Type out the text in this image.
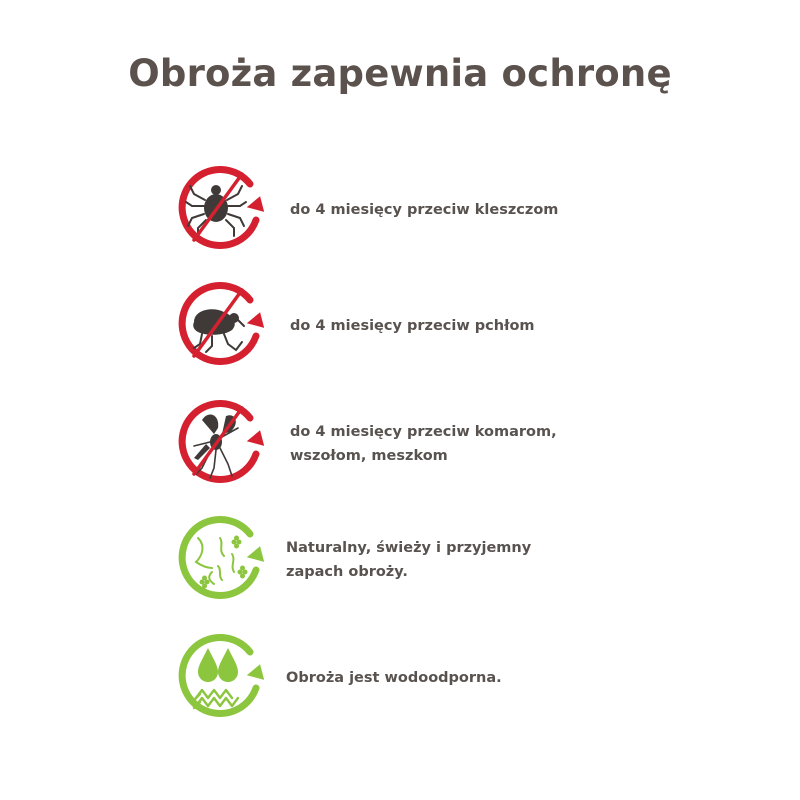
Obroża zapewnia ochronę
do 4 miesięcy przeciw kleszczom
do 4 miesięcy przeciw pchłom
do 4 miesięcy przeciw komarom, wszołom, meszkom
Naturalny, świeży i przyjemny zapach obroży.
Obroża jest wodoodporna.
